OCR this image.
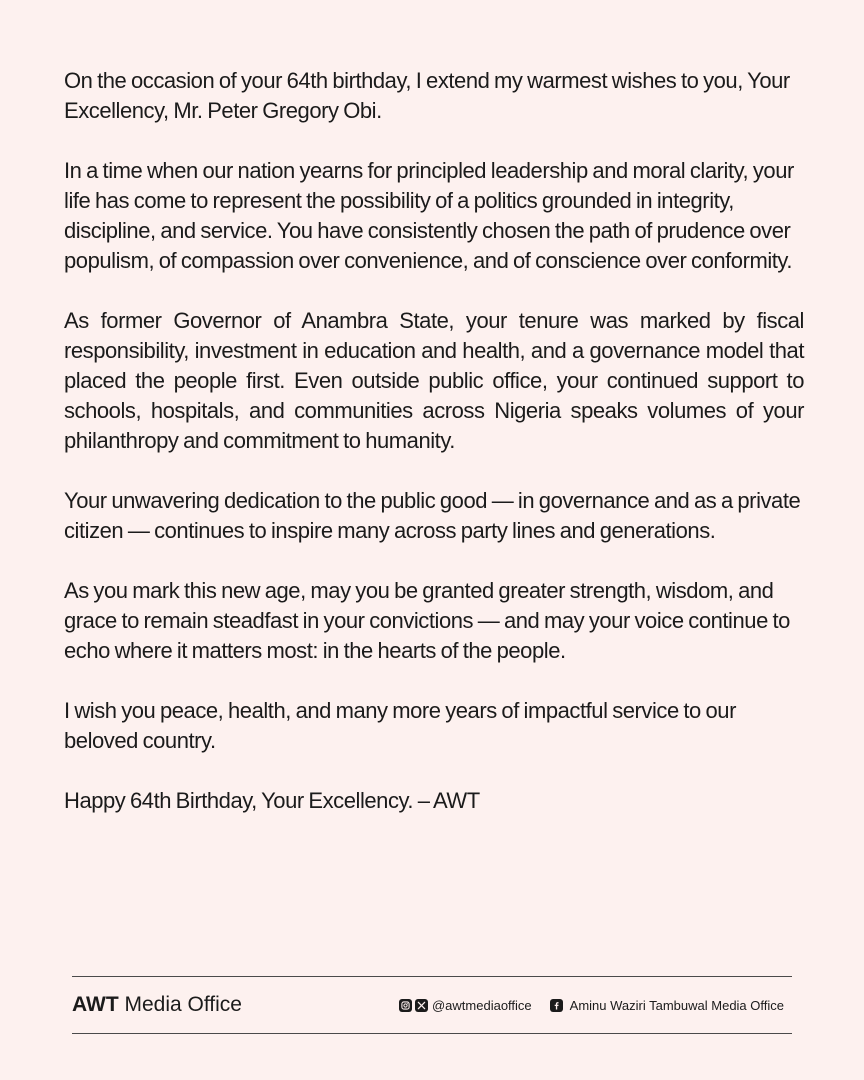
On the occasion of your 64th birthday, I extend my warmest wishes to you, Your Excellency, Mr. Peter Gregory Obi.

In a time when our nation yearns for principled leadership and moral clarity, your life has come to represent the possibility of a politics grounded in integrity, discipline, and service. You have consistently chosen the path of prudence over populism, of compassion over convenience, and of conscience over conformity.

As former Governor of Anambra State, your tenure was marked by fiscal responsibility, investment in education and health, and a governance model that placed the people first. Even outside public office, your continued support to schools, hospitals, and communities across Nigeria speaks volumes of your philanthropy and commitment to humanity.

Your unwavering dedication to the public good — in governance and as a private citizen — continues to inspire many across party lines and generations.

As you mark this new age, may you be granted greater strength, wisdom, and grace to remain steadfast in your convictions — and may your voice continue to echo where it matters most: in the hearts of the people.

I wish you peace, health, and many more years of impactful service to our beloved country.

Happy 64th Birthday, Your Excellency. – AWT

AWT Media Office	@awtmediaoffice	Aminu Waziri Tambuwal Media Office
